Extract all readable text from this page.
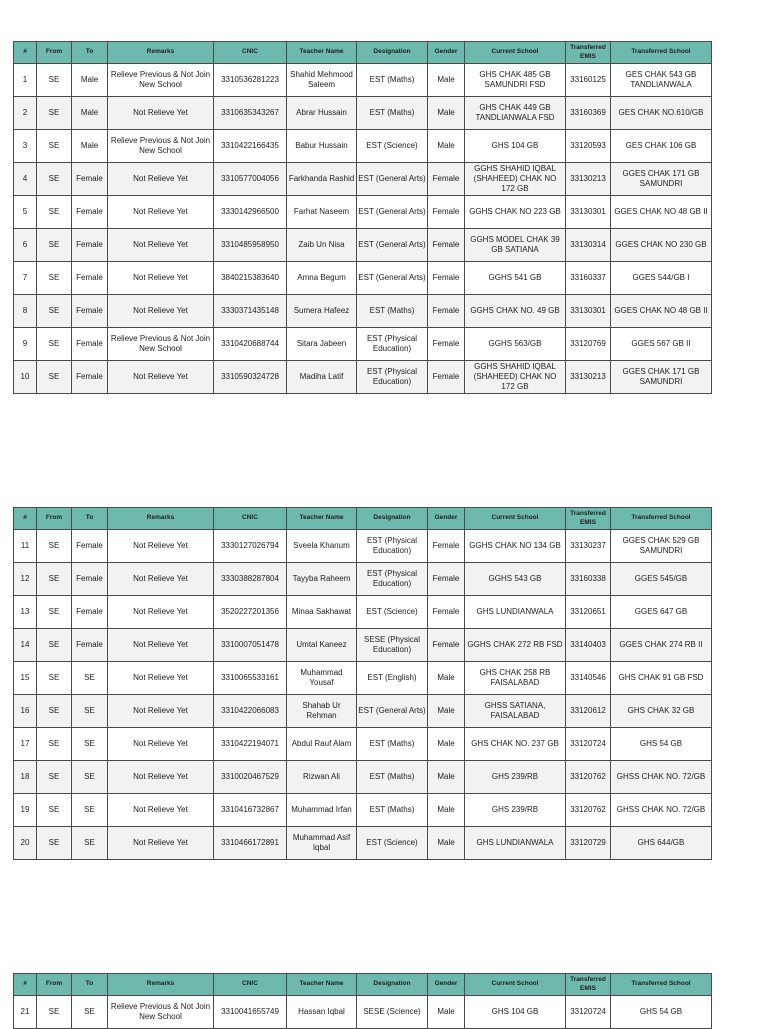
#	From	To	Remarks	CNIC	Teacher Name	Designation	Gender	Current School	Transferred EMIS	Transferred School
1	SE	Male	Relieve Previous & Not Join New School	3310536281223	Shahid Mehmood Saleem	EST (Maths)	Male	GHS CHAK 485 GB SAMUNDRI FSD	33160125	GES CHAK 543 GB TANDLIANWALA
2	SE	Male	Not Relieve Yet	3310635343267	Abrar Hussain	EST (Maths)	Male	GHS CHAK 449 GB TANDLIANWALA FSD	33160369	GES CHAK NO.610/GB
3	SE	Male	Relieve Previous & Not Join New School	3310422166435	Babur Hussain	EST (Science)	Male	GHS 104 GB	33120593	GES CHAK 106 GB
4	SE	Female	Not Relieve Yet	3310577004056	Farkhanda Rashid	EST (General Arts)	Female	GGHS SHAHID IQBAL (SHAHEED) CHAK NO 172 GB	33130213	GGES CHAK 171 GB SAMUNDRI
5	SE	Female	Not Relieve Yet	3330142966500	Farhat Naseem	EST (General Arts)	Female	GGHS CHAK NO 223 GB	33130301	GGES CHAK NO 48 GB II
6	SE	Female	Not Relieve Yet	3310485958950	Zaib Un Nisa	EST (General Arts)	Female	GGHS MODEL CHAK 39 GB SATIANA	33130314	GGES CHAK NO 230 GB
7	SE	Female	Not Relieve Yet	3840215383640	Amna Begum	EST (General Arts)	Female	GGHS 541 GB	33160337	GGES 544/GB I
8	SE	Female	Not Relieve Yet	3330371435148	Sumera Hafeez	EST (Maths)	Female	GGHS CHAK NO. 49 GB	33130301	GGES CHAK NO 48 GB II
9	SE	Female	Relieve Previous & Not Join New School	3310420688744	Sitara Jabeen	EST (Physical Education)	Female	GGHS 563/GB	33120769	GGES 567 GB II
10	SE	Female	Not Relieve Yet	3310590324728	Madiha Latif	EST (Physical Education)	Female	GGHS SHAHID IQBAL (SHAHEED) CHAK NO 172 GB	33130213	GGES CHAK 171 GB SAMUNDRI
#	From	To	Remarks	CNIC	Teacher Name	Designation	Gender	Current School	Transferred EMIS	Transferred School
11	SE	Female	Not Relieve Yet	3330127026794	Sveela Khanum	EST (Physical Education)	Female	GGHS CHAK NO 134 GB	33130237	GGES CHAK 529 GB SAMUNDRI
12	SE	Female	Not Relieve Yet	3330388287804	Tayyba Raheem	EST (Physical Education)	Female	GGHS 543 GB	33160338	GGES 545/GB
13	SE	Female	Not Relieve Yet	3520227201356	Minaa Sakhawat	EST (Science)	Female	GHS LUNDIANWALA	33120651	GGES 647 GB
14	SE	Female	Not Relieve Yet	3310007051478	Umtal Kaneez	SESE (Physical Education)	Female	GGHS CHAK 272 RB FSD	33140403	GGES CHAK 274 RB II
15	SE	SE	Not Relieve Yet	3310065533161	Muhammad Yousaf	EST (English)	Male	GHS CHAK 258 RB FAISALABAD	33140546	GHS CHAK 91 GB FSD
16	SE	SE	Not Relieve Yet	3310422066083	Shahab Ur Rehman	EST (General Arts)	Male	GHSS SATIANA, FAISALABAD	33120612	GHS CHAK 32 GB
17	SE	SE	Not Relieve Yet	3310422194071	Abdul Rauf Alam	EST (Maths)	Male	GHS CHAK NO. 237 GB	33120724	GHS 54 GB
18	SE	SE	Not Relieve Yet	3310020467529	Rizwan Ali	EST (Maths)	Male	GHS 239/RB	33120762	GHSS CHAK NO. 72/GB
19	SE	SE	Not Relieve Yet	3310416732867	Muhammad Irfan	EST (Maths)	Male	GHS 239/RB	33120762	GHSS CHAK NO. 72/GB
20	SE	SE	Not Relieve Yet	3310466172891	Muhammad Asif Iqbal	EST (Science)	Male	GHS LUNDIANWALA	33120729	GHS 644/GB
#	From	To	Remarks	CNIC	Teacher Name	Designation	Gender	Current School	Transferred EMIS	Transferred School
21	SE	SE	Relieve Previous & Not Join New School	3310041655749	Hassan Iqbal	SESE (Science)	Male	GHS 104 GB	33120724	GHS 54 GB
